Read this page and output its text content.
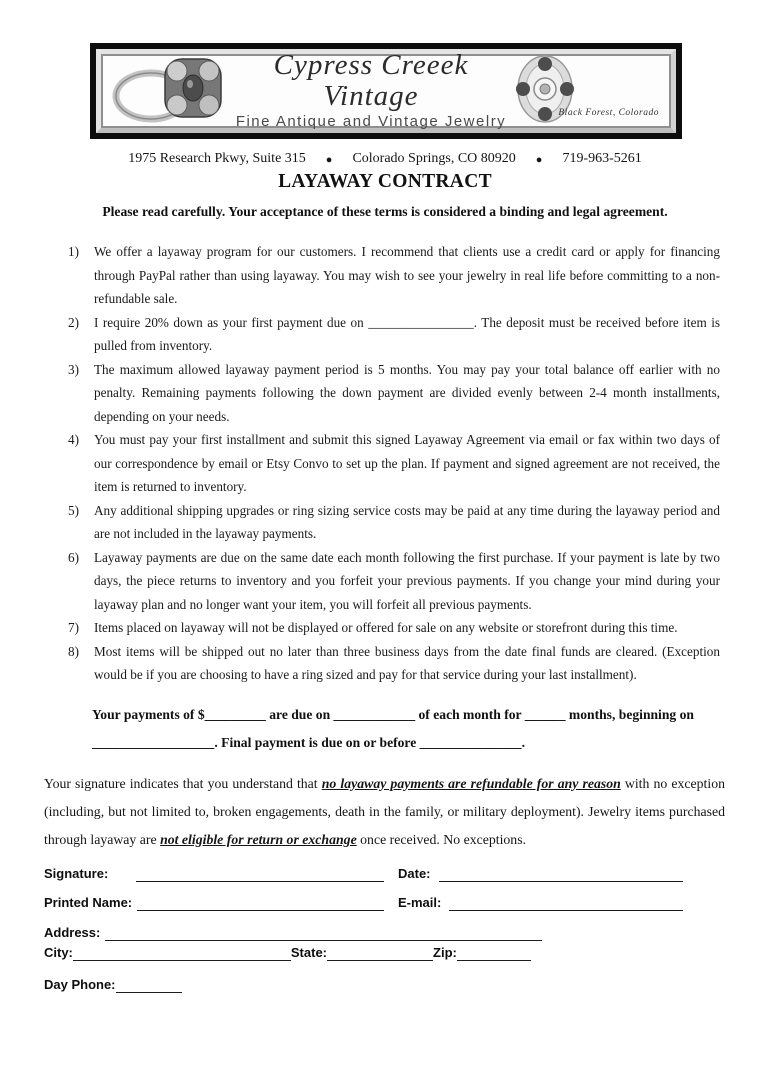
Cypress Creeek Vintage
Fine Antique and Vintage Jewelry	Black Forest, Colorado
1975 Research Pkwy, Suite 315 ● Colorado Springs, CO 80920 ● 719-963-5261
LAYAWAY CONTRACT

Please read carefully. Your acceptance of these terms is considered a binding and legal agreement.

1)	We offer a layaway program for our customers. I recommend that clients use a credit card or apply for financing through PayPal rather than using layaway. You may wish to see your jewelry in real life before committing to a non-refundable sale.
2)	I require 20% down as your first payment due on ________________. The deposit must be received before item is pulled from inventory.
3)	The maximum allowed layaway payment period is 5 months. You may pay your total balance off earlier with no penalty. Remaining payments following the down payment are divided evenly between 2-4 month installments, depending on your needs.
4)	You must pay your first installment and submit this signed Layaway Agreement via email or fax within two days of our correspondence by email or Etsy Convo to set up the plan. If payment and signed agreement are not received, the item is returned to inventory.
5)	Any additional shipping upgrades or ring sizing service costs may be paid at any time during the layaway period and are not included in the layaway payments.
6)	Layaway payments are due on the same date each month following the first purchase. If your payment is late by two days, the piece returns to inventory and you forfeit your previous payments. If you change your mind during your layaway plan and no longer want your item, you will forfeit all previous payments.
7)	Items placed on layaway will not be displayed or offered for sale on any website or storefront during this time.
8)	Most items will be shipped out no later than three business days from the date final funds are cleared. (Exception would be if you are choosing to have a ring sized and pay for that service during your last installment).

Your payments of $_________ are due on ____________ of each month for ______ months, beginning on __________________. Final payment is due on or before _______________.

Your signature indicates that you understand that no layaway payments are refundable for any reason with no exception (including, but not limited to, broken engagements, death in the family, or military deployment). Jewelry items purchased through layaway are not eligible for return or exchange once received. No exceptions.

Signature:	Date:
Printed Name:	E-mail:
Address:
City:	State:	Zip:
Day Phone:
